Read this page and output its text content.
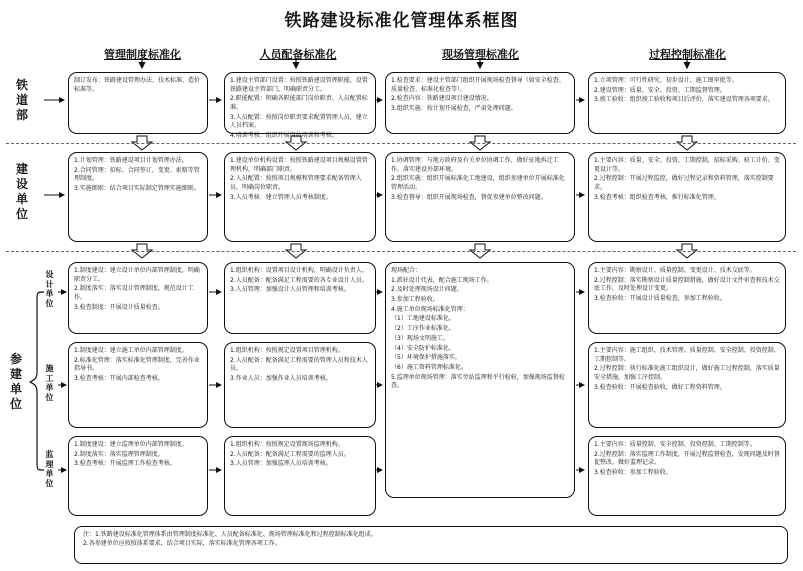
铁路建设标准化管理体系框图
管理制度标准化	人员配备标准化	现场管理标准化	过程控制标准化
铁道部
建设单位
参建单位
设计单位
施工单位
监理单位

制订发布：铁路建设管理办法、技术标准、造价标准等。

1.建设主管部门设置：按照铁路建设管理职能，设置铁路建设主管部门，明确职责分工。

2.职能配置：明确各职能部门岗位职责、人员配置标准。

3.人员配置：按照岗位职责要求配置管理人员，建立人员档案。

4.培训考核：组织开展岗位培训和考核。

1.检查要求：建设主管部门组织开展现场检查督导（如安全检查、质量检查、标准化检查等）。

2.检查内容：铁路建设项目建设情况。

3.组织实施：按计划开展检查，严肃处理问题。

1.立项管理：可行性研究、初步设计、施工图审批等。

2.建设管理：质量、安全、投资、工期监督管理。

3.竣工验收：组织竣工验收和项目后评价，落实建设管理各项要求。

1.计划管理：铁路建设项目计划管理办法。

2.合同管理：招标、合同签订、变更、索赔等管理制度。

3.实施细则：结合项目实际制定管理实施细则。

1.建设单位机构设置：按照铁路建设项目规模设置管理机构，明确部门职责。

2.人员配置：按照项目规模和管理要求配备管理人员，明确岗位职责。

3.人员考核：建立管理人员考核制度。

1.协调管理：与地方政府及有关单位协调工作，做好征地拆迁工作，落实建设外部环境。

2.组织实施：组织开展标准化工地建设，组织参建单位开展标准化管理活动。

3.检查督导：组织开展现场检查，督促参建单位整改问题。

1.主要内容：质量、安全、投资、工期控制，招标采购、验工计价、变更设计等。

2.过程控制：开展过程监控，做好过程记录和资料管理，落实控制要求。

3.检查考核：组织检查考核，推行标准化管理。

1.制度建设：建立设计单位内部管理制度，明确职责分工。

2.制度落实：落实设计管理制度，规范设计工作。

3.检查制度：开展设计质量检查。

1.组织机构：设置项目设计机构，明确设计负责人。

2.人员配备：配备满足工程需要的各专业设计人员。

3.人员管理：加强设计人员管理和培训考核。

现场配合：

1.派驻设计代表，配合施工现场工作。

2.及时处理现场设计问题。

3.参加工程验收。

4.施工单位现场标准化管理：

（1）工地建设标准化。

（2）工序作业标准化。

（3）现场文明施工。

（4）安全防护标准化。

（5）环境保护措施落实。

（6）施工资料管理标准化。

5.监理单位现场管理：落实旁站监理和平行检验，加强现场监督检查。

1.主要内容：勘察设计、质量控制、变更设计、技术交底等。

2.过程控制：落实勘察设计质量控制措施，做好设计文件审查和技术交底工作，及时处理设计变更。

3.检查验收：开展设计质量检查，参加工程验收。

1.制度建设：建立施工单位内部管理制度。

2.标准化管理：落实标准化管理制度，完善作业指导书。

3.检查考核：开展内部检查考核。

1.组织机构：按照规定设置项目管理机构。

2.人员配备：配备满足工程需要的管理人员和技术人员。

3.作业人员：加强作业人员培训考核。

1.主要内容：施工组织、技术管理、质量控制、安全控制、投资控制、工期控制等。

2.过程控制：执行标准化施工组织设计，做好施工过程控制，落实质量安全措施，加强工序控制。

3.检查验收：开展检查验收，做好工程资料管理。

1.制度建设：建立监理单位内部管理制度。

2.制度落实：落实监理管理制度。

3.检查考核：开展监理工作检查考核。

1.组织机构：按照规定设置现场监理机构。

2.人员配备：配备满足工程需要的监理人员。

3.人员管理：加强监理人员培训考核。

1.主要内容：质量控制、安全控制、投资控制、工期控制等。

2.过程控制：落实监理工作制度，开展过程监督检查，发现问题及时督促整改，做好监理记录。

3.检查验收：参加工程验收。

注：1.铁路建设标准化管理体系由管理制度标准化、人员配备标准化、现场管理标准化和过程控制标准化组成。
2.各参建单位应按照体系要求，结合项目实际，落实标准化管理各项工作。
